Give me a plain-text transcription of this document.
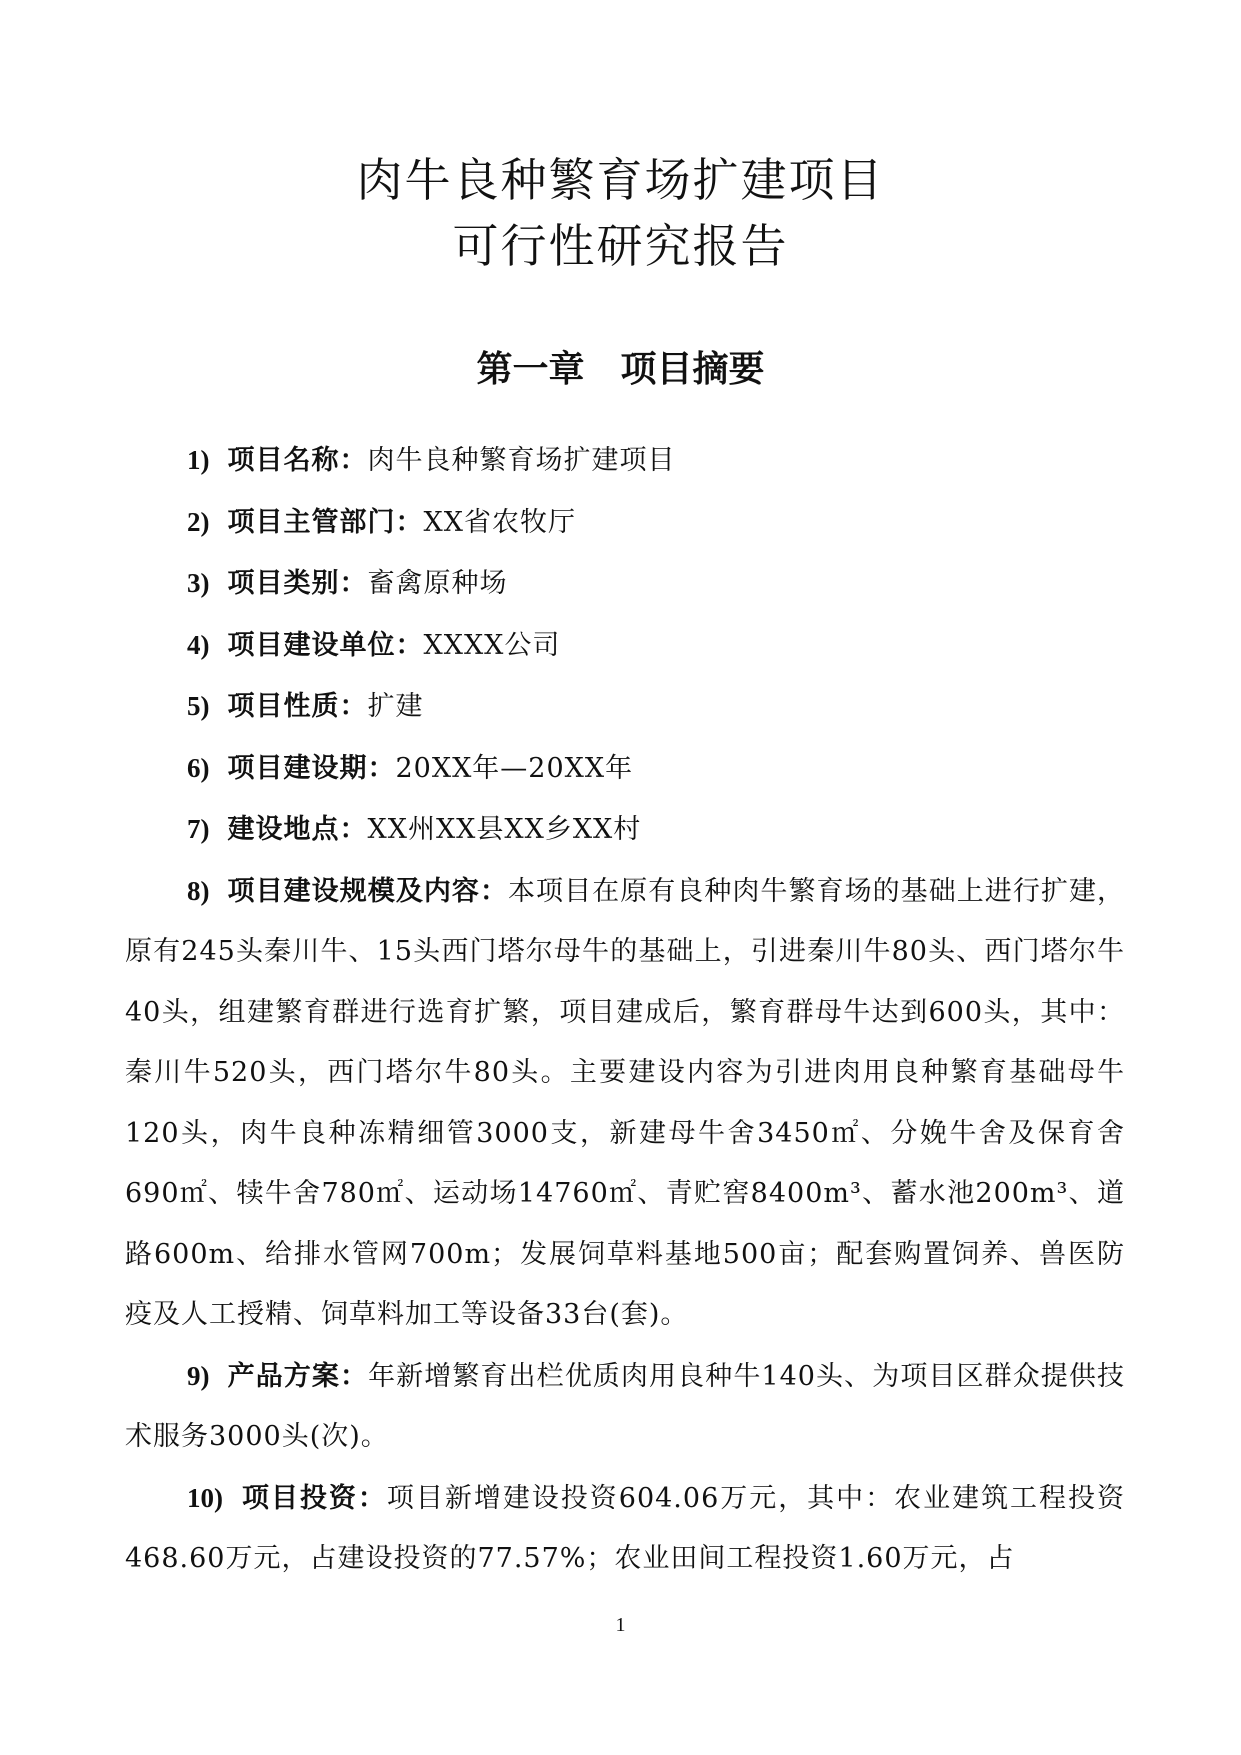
肉牛良种繁育场扩建项目
可行性研究报告
第一章　项目摘要

1) 项目名称：肉牛良种繁育场扩建项目

2) 项目主管部门：XX省农牧厅

3) 项目类别：畜禽原种场

4) 项目建设单位：XXXX公司

5) 项目性质：扩建

6) 项目建设期：20XX年—20XX年

7) 建设地点：XX州XX县XX乡XX村

8) 项目建设规模及内容：本项目在原有良种肉牛繁育场的基础上进行扩建，原有245头秦川牛、15头西门塔尔母牛的基础上，引进秦川牛80头、西门塔尔牛40头，组建繁育群进行选育扩繁，项目建成后，繁育群母牛达到600头，其中：秦川牛520头，西门塔尔牛80头。主要建设内容为引进肉用良种繁育基础母牛120头，肉牛良种冻精细管3000支，新建母牛舍3450㎡、分娩牛舍及保育舍690㎡、犊牛舍780㎡、运动场14760㎡、青贮窖8400m³、蓄水池200m³、道路600m、给排水管网700m；发展饲草料基地500亩；配套购置饲养、兽医防疫及人工授精、饲草料加工等设备33台(套)。

9) 产品方案：年新增繁育出栏优质肉用良种牛140头、为项目区群众提供技术服务3000头(次)。

10) 项目投资：项目新增建设投资604.06万元，其中：农业建筑工程投资468.60万元，占建设投资的77.57%；农业田间工程投资1.60万元，占

1
